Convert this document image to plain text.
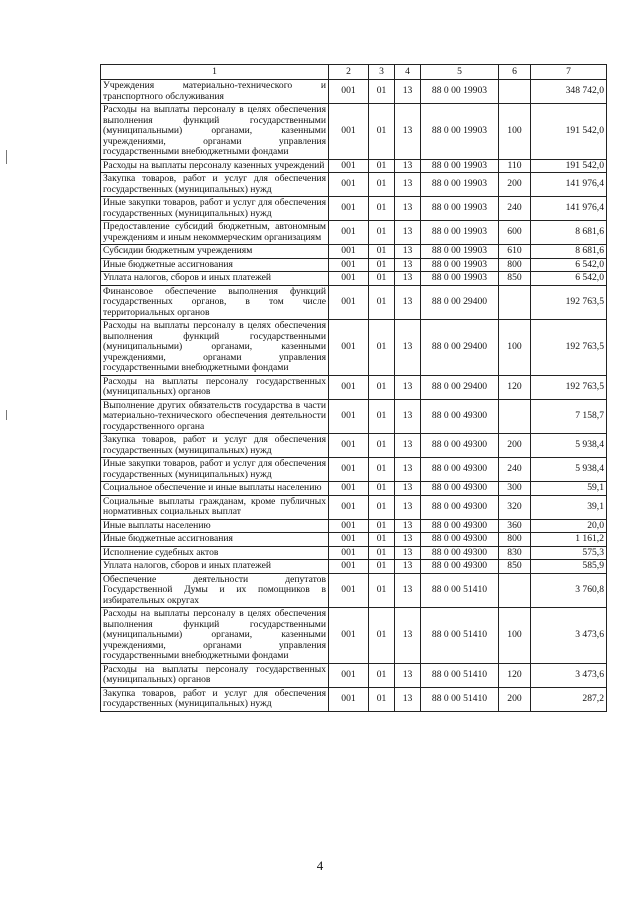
1	2	3	4	5	6	7
Учреждения материально-технического и транспортного обслуживания	001	01	13	88 0 00 19903		348 742,0
Расходы на выплаты персоналу в целях обеспечения выполнения функций государственными (муниципальными) органами, казенными учреждениями, органами управления государственными внебюджетными фондами	001	01	13	88 0 00 19903	100	191 542,0
Расходы на выплаты персоналу казенных учреждений	001	01	13	88 0 00 19903	110	191 542,0
Закупка товаров, работ и услуг для обеспечения государственных (муниципальных) нужд	001	01	13	88 0 00 19903	200	141 976,4
Иные закупки товаров, работ и услуг для обеспечения государственных (муниципальных) нужд	001	01	13	88 0 00 19903	240	141 976,4
Предоставление субсидий бюджетным, автономным учреждениям и иным некоммерческим организациям	001	01	13	88 0 00 19903	600	8 681,6
Субсидии бюджетным учреждениям	001	01	13	88 0 00 19903	610	8 681,6
Иные бюджетные ассигнования	001	01	13	88 0 00 19903	800	6 542,0
Уплата налогов, сборов и иных платежей	001	01	13	88 0 00 19903	850	6 542,0
Финансовое обеспечение выполнения функций государственных органов, в том числе территориальных органов	001	01	13	88 0 00 29400		192 763,5
Расходы на выплаты персоналу в целях обеспечения выполнения функций государственными (муниципальными) органами, казенными учреждениями, органами управления государственными внебюджетными фондами	001	01	13	88 0 00 29400	100	192 763,5
Расходы на выплаты персоналу государственных (муниципальных) органов	001	01	13	88 0 00 29400	120	192 763,5
Выполнение других обязательств государства в части материально-технического обеспечения деятельности государственного органа	001	01	13	88 0 00 49300		7 158,7
Закупка товаров, работ и услуг для обеспечения государственных (муниципальных) нужд	001	01	13	88 0 00 49300	200	5 938,4
Иные закупки товаров, работ и услуг для обеспечения государственных (муниципальных) нужд	001	01	13	88 0 00 49300	240	5 938,4
Социальное обеспечение и иные выплаты населению	001	01	13	88 0 00 49300	300	59,1
Социальные выплаты гражданам, кроме публичных нормативных социальных выплат	001	01	13	88 0 00 49300	320	39,1
Иные выплаты населению	001	01	13	88 0 00 49300	360	20,0
Иные бюджетные ассигнования	001	01	13	88 0 00 49300	800	1 161,2
Исполнение судебных актов	001	01	13	88 0 00 49300	830	575,3
Уплата налогов, сборов и иных платежей	001	01	13	88 0 00 49300	850	585,9
Обеспечение деятельности депутатов Государственной Думы и их помощников в избирательных округах	001	01	13	88 0 00 51410		3 760,8
Расходы на выплаты персоналу в целях обеспечения выполнения функций государственными (муниципальными) органами, казенными учреждениями, органами управления государственными внебюджетными фондами	001	01	13	88 0 00 51410	100	3 473,6
Расходы на выплаты персоналу государственных (муниципальных) органов	001	01	13	88 0 00 51410	120	3 473,6
Закупка товаров, работ и услуг для обеспечения государственных (муниципальных) нужд	001	01	13	88 0 00 51410	200	287,2
4
